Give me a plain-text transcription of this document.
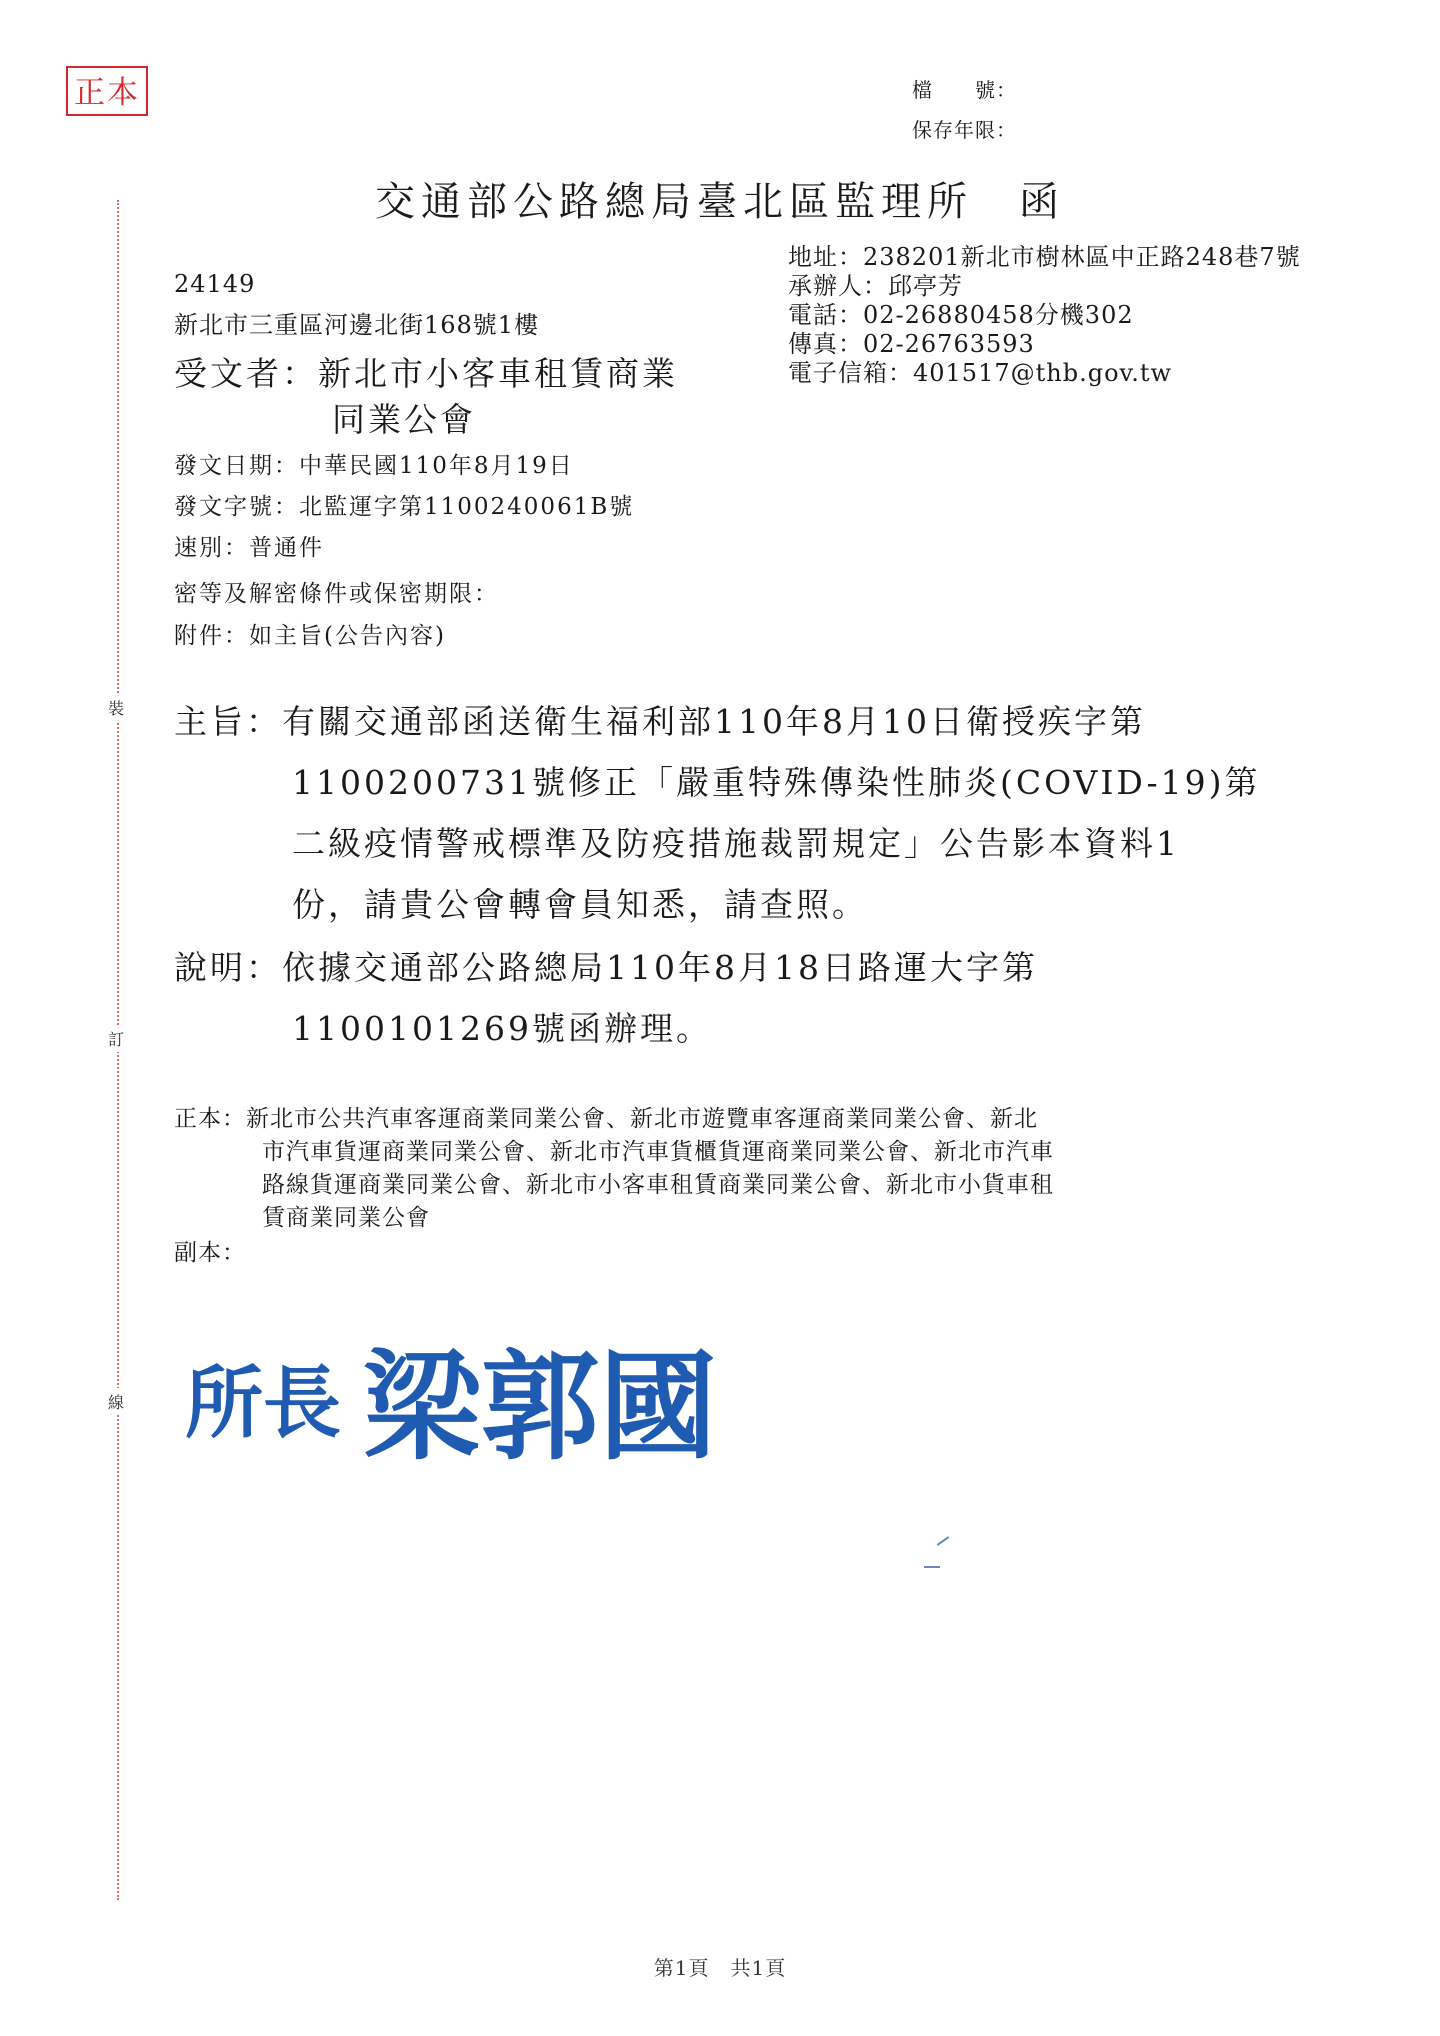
裝
訂
線
正本	檔　　號：
保存年限：
交通部公路總局臺北區監理所　函
地址：238201新北市樹林區中正路248巷7號
承辦人：邱亭芳
電話：02-26880458分機302
傳真：02-26763593
電子信箱：401517@thb.gov.tw
24149
新北市三重區河邊北街168號1樓
受文者：新北市小客車租賃商業
同業公會
發文日期：中華民國110年8月19日
發文字號：北監運字第1100240061B號
速別：普通件
密等及解密條件或保密期限：
附件：如主旨(公告內容)
主旨：有關交通部函送衛生福利部110年8月10日衛授疾字第
1100200731號修正「嚴重特殊傳染性肺炎(COVID-19)第
二級疫情警戒標準及防疫措施裁罰規定」公告影本資料1
份，請貴公會轉會員知悉，請查照。
說明：依據交通部公路總局110年8月18日路運大字第
1100101269號函辦理。
正本：新北市公共汽車客運商業同業公會、新北市遊覽車客運商業同業公會、新北
市汽車貨運商業同業公會、新北市汽車貨櫃貨運商業同業公會、新北市汽車
路線貨運商業同業公會、新北市小客車租賃商業同業公會、新北市小貨車租
賃商業同業公會
副本：
所長 梁郭國
第1頁　共1頁
